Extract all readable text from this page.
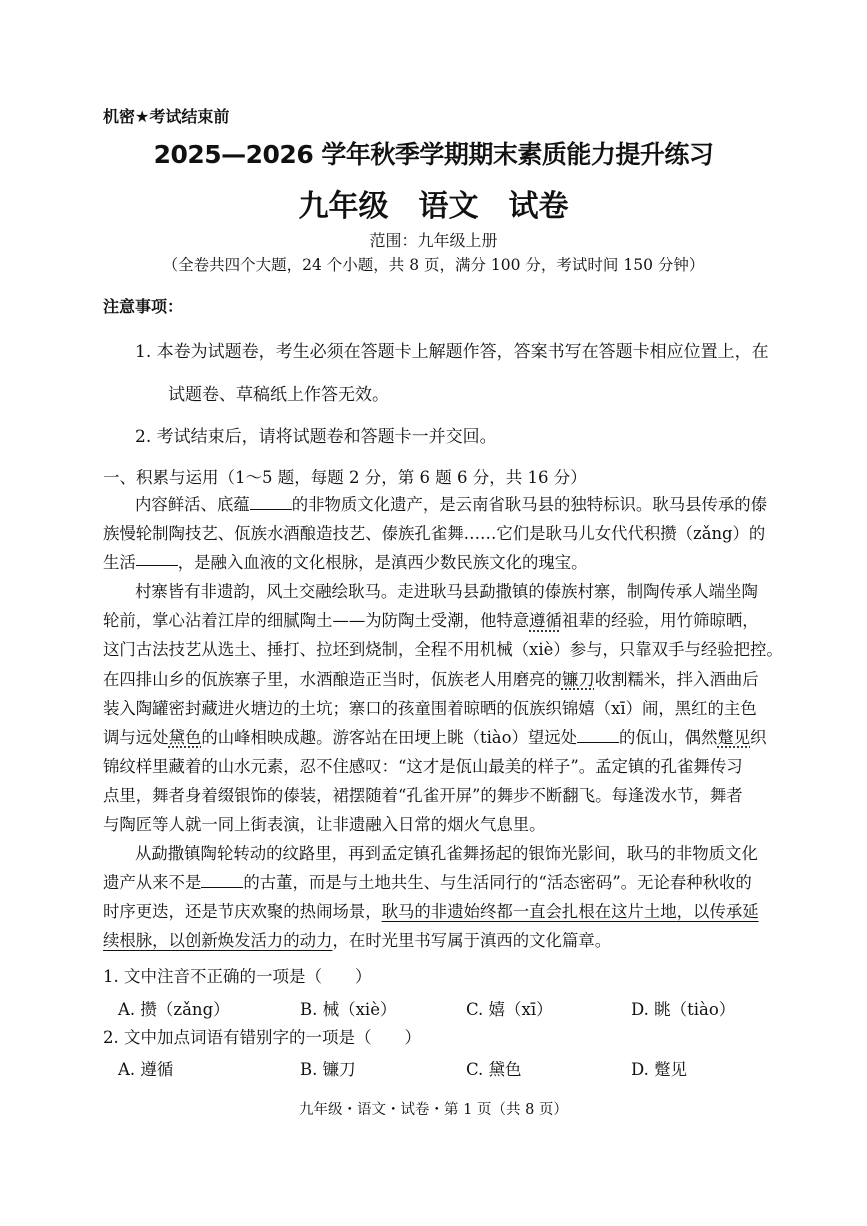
机密★考试结束前
2025—2026 学年秋季学期期末素质能力提升练习
九年级 语文 试卷
范围：九年级上册
（全卷共四个大题，24 个小题，共 8 页，满分 100 分，考试时间 150 分钟）
注意事项：
1. 本卷为试题卷，考生必须在答题卡上解题作答，答案书写在答题卡相应位置上，在
试题卷、草稿纸上作答无效。
2. 考试结束后，请将试题卷和答题卡一并交回。
一、积累与运用（1～5 题，每题 2 分，第 6 题 6 分，共 16 分）
内容鲜活、底蕴	的非物质文化遗产，是云南省耿马县的独特标识。耿马县传承的傣
族慢轮制陶技艺、佤族水酒酿造技艺、傣族孔雀舞……它们是耿马儿女代代积攒（zǎng）的
生活	，是融入血液的文化根脉，是滇西少数民族文化的瑰宝。
村寨皆有非遗韵，风土交融绘耿马。走进耿马县勐撒镇的傣族村寨，制陶传承人端坐陶
轮前，掌心沾着江岸的细腻陶土——为防陶土受潮，他特意遵循祖辈的经验，用竹筛晾晒，
这门古法技艺从选土、捶打、拉坯到烧制，全程不用机械（xiè）参与，只靠双手与经验把控。
在四排山乡的佤族寨子里，水酒酿造正当时，佤族老人用磨亮的镰刀收割糯米，拌入酒曲后
装入陶罐密封藏进火塘边的土坑；寨口的孩童围着晾晒的佤族织锦嬉（xī）闹，黑红的主色
调与远处黛色的山峰相映成趣。游客站在田埂上眺（tiào）望远处	的佤山，偶然蹩见织
锦纹样里藏着的山水元素，忍不住感叹：“这才是佤山最美的样子”。孟定镇的孔雀舞传习
点里，舞者身着缀银饰的傣装，裙摆随着“孔雀开屏”的舞步不断翻飞。每逢泼水节，舞者
与陶匠等人就一同上街表演，让非遗融入日常的烟火气息里。
从勐撒镇陶轮转动的纹路里，再到孟定镇孔雀舞扬起的银饰光影间，耿马的非物质文化
遗产从来不是	的古董，而是与土地共生、与生活同行的“活态密码”。无论春种秋收的
时序更迭，还是节庆欢聚的热闹场景，耿马的非遗始终都一直会扎根在这片土地，以传承延
续根脉，以创新焕发活力的动力 ，在时光里书写属于滇西的文化篇章。
1. 文中注音不正确的一项是（　　）
A. 攒（zǎng）	B. 械（xiè）	C. 嬉（xī）	D. 眺（tiào）
2. 文中加点词语有错别字的一项是（　　）
A. 遵循	B. 镰刀	C. 黛色	D. 蹩见
九年级・语文・试卷・第 1 页（共 8 页）
